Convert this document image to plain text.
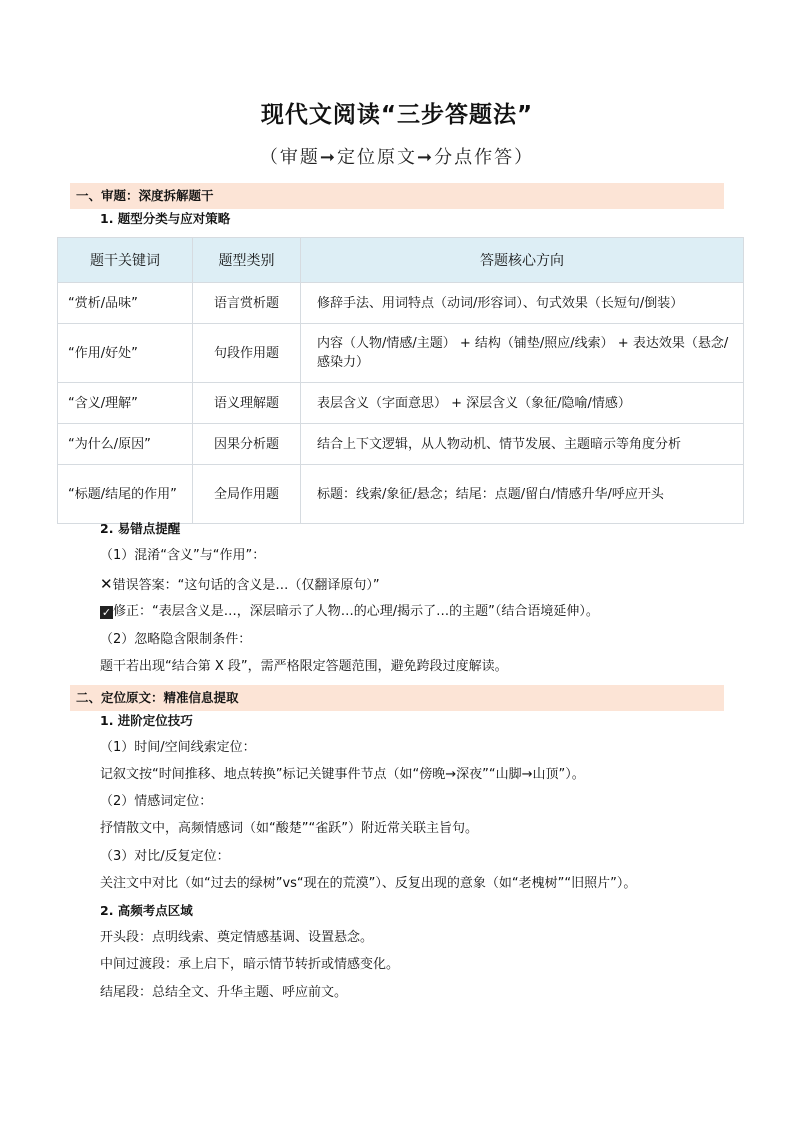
现代文阅读“三步答题法”
（审题➞定位原文➞分点作答）
一、审题：深度拆解题干
1. 题型分类与应对策略
题干关键词	题型类别	答题核心方向
“赏析/品味”	语言赏析题	修辞手法、用词特点（动词/形容词）、句式效果（长短句/倒装）
“作用/好处”	句段作用题	内容（人物/情感/主题） + 结构（铺垫/照应/线索） + 表达效果（悬念/感染力）
“含义/理解”	语义理解题	表层含义（字面意思） + 深层含义（象征/隐喻/情感）
“为什么/原因”	因果分析题	结合上下文逻辑，从人物动机、情节发展、主题暗示等角度分析
“标题/结尾的作用”	全局作用题	标题：线索/象征/悬念；结尾：点题/留白/情感升华/呼应开头
2. 易错点提醒
（1）混淆“含义”与“作用”：
✕错误答案：“这句话的含义是…（仅翻译原句）”
✓ 修正：“表层含义是…，深层暗示了人物…的心理/揭示了…的主题”（结合语境延伸）。
（2）忽略隐含限制条件：
题干若出现“结合第 X 段”，需严格限定答题范围，避免跨段过度解读。
二、定位原文：精准信息提取
1. 进阶定位技巧
（1）时间/空间线索定位：
记叙文按“时间推移、地点转换”标记关键事件节点（如“傍晚→深夜”“山脚→山顶”）。
（2）情感词定位：
抒情散文中，高频情感词（如“酸楚”“雀跃”）附近常关联主旨句。
（3）对比/反复定位：
关注文中对比（如“过去的绿树”vs“现在的荒漠”）、反复出现的意象（如“老槐树”“旧照片”）。
2. 高频考点区域
开头段：点明线索、奠定情感基调、设置悬念。
中间过渡段：承上启下，暗示情节转折或情感变化。
结尾段：总结全文、升华主题、呼应前文。
